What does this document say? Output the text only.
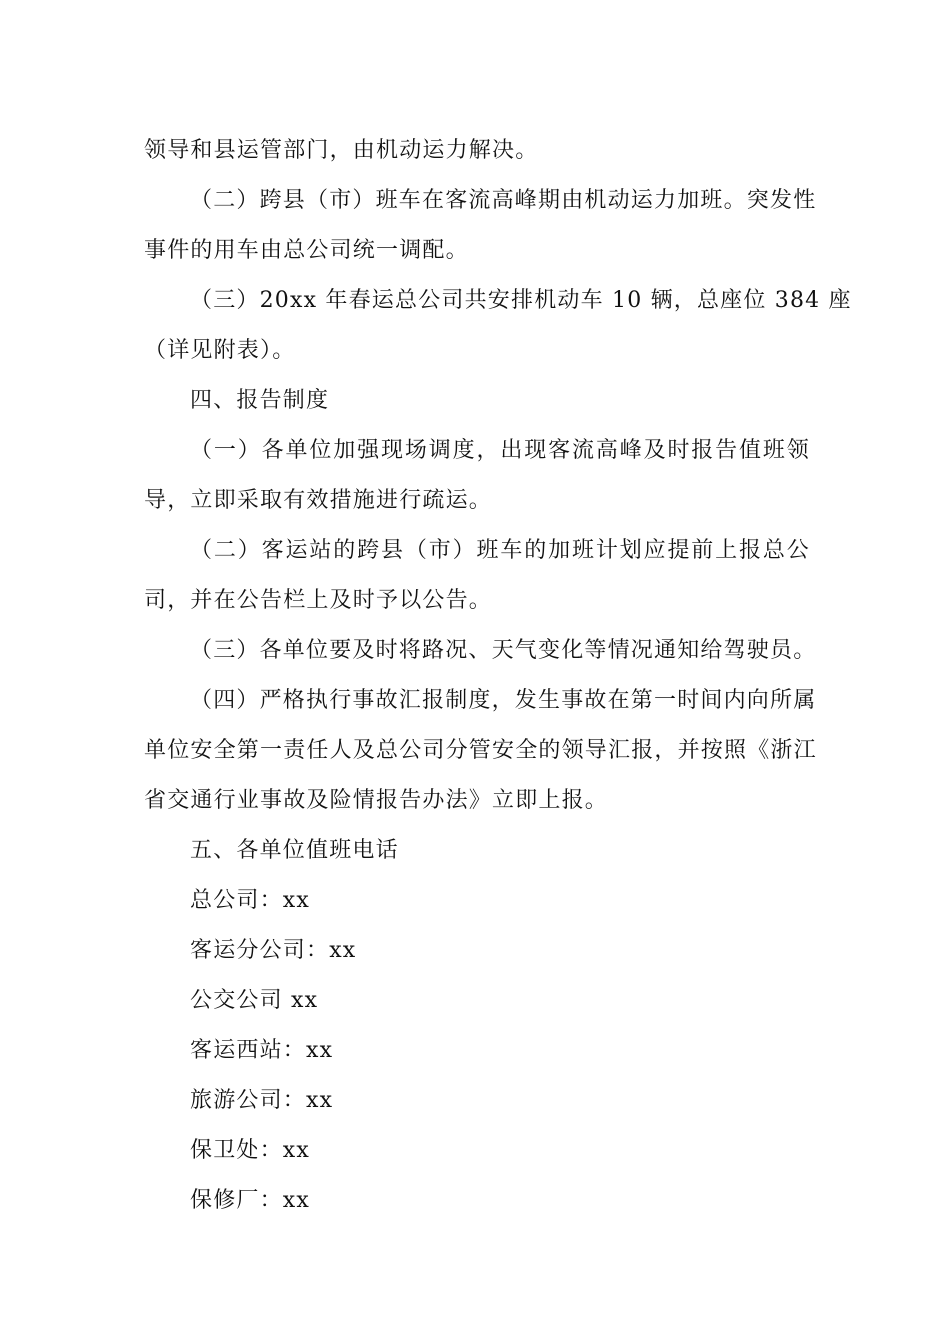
领导和县运管部门，由机动运力解决。
（二）跨县（市）班车在客流高峰期由机动运力加班。突发性
事件的用车由总公司统一调配。
（三）20xx 年春运总公司共安排机动车 10 辆，总座位 384 座
（详见附表）。
四、报告制度
（一）各单位加强现场调度，出现客流高峰及时报告值班领
导，立即采取有效措施进行疏运。
（二）客运站的跨县（市）班车的加班计划应提前上报总公
司，并在公告栏上及时予以公告。
（三）各单位要及时将路况、天气变化等情况通知给驾驶员。
（四）严格执行事故汇报制度，发生事故在第一时间内向所属
单位安全第一责任人及总公司分管安全的领导汇报，并按照《浙江
省交通行业事故及险情报告办法》立即上报。
五、各单位值班电话
总公司：xx
客运分公司：xx
公交公司 xx
客运西站：xx
旅游公司：xx
保卫处：xx
保修厂：xx
